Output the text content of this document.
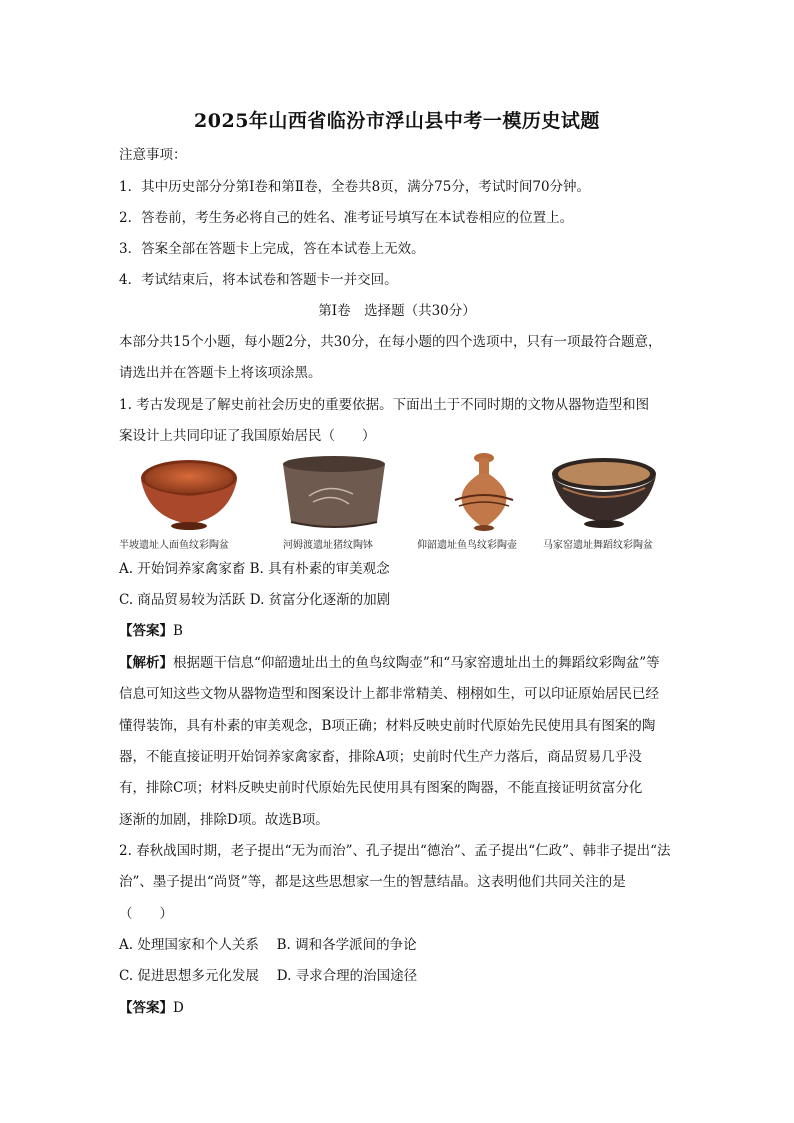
2025年山西省临汾市浮山县中考一模历史试题
注意事项：
1．其中历史部分分第Ⅰ卷和第Ⅱ卷，全卷共8页，满分75分，考试时间70分钟。
2．答卷前，考生务必将自己的姓名、准考证号填写在本试卷相应的位置上。
3．答案全部在答题卡上完成，答在本试卷上无效。
4．考试结束后，将本试卷和答题卡一并交回。
第Ⅰ卷　选择题（共30分）
本部分共15个小题，每小题2分，共30分，在每小题的四个选项中，只有一项最符合题意，
请选出并在答题卡上将该项涂黑。
1. 考古发现是了解史前社会历史的重要依据。下面出土于不同时期的文物从器物造型和图
案设计上共同印证了我国原始居民（　　）
半坡遗址人面鱼纹彩陶盆	河姆渡遗址猪纹陶钵	仰韶遗址鱼鸟纹彩陶壶	马家窑遗址舞蹈纹彩陶盆
A. 开始饲养家禽家畜 B. 具有朴素的审美观念
C. 商品贸易较为活跃 D. 贫富分化逐渐的加剧
【答案】B
【解析】根据题干信息“仰韶遗址出土的鱼鸟纹陶壶”和“马家窑遗址出土的舞蹈纹彩陶盆”等
信息可知这些文物从器物造型和图案设计上都非常精美、栩栩如生，可以印证原始居民已经
懂得装饰，具有朴素的审美观念，B项正确；材料反映史前时代原始先民使用具有图案的陶
器，不能直接证明开始饲养家禽家畜，排除A项；史前时代生产力落后，商品贸易几乎没
有，排除C项；材料反映史前时代原始先民使用具有图案的陶器，不能直接证明贫富分化
逐渐的加剧，排除D项。故选B项。
2. 春秋战国时期，老子提出“无为而治”、孔子提出“德治”、孟子提出“仁政”、韩非子提出“法
治”、墨子提出“尚贤”等，都是这些思想家一生的智慧结晶。这表明他们共同关注的是
（　　）
A. 处理国家和个人关系　 B. 调和各学派间的争论
C. 促进思想多元化发展　 D. 寻求合理的治国途径
【答案】D
